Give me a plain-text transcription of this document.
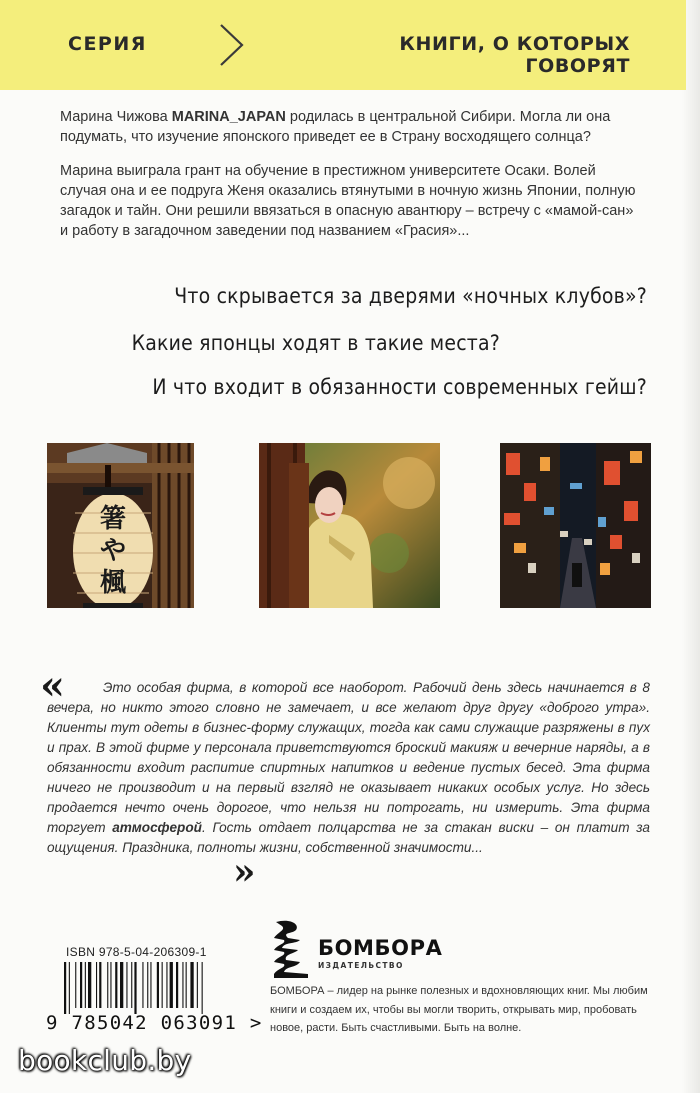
СЕРИЯ	КНИГИ, О КОТОРЫХ ГОВОРЯТ

Марина Чижова MARINA_JAPAN родилась в центральной Сибири. Могла ли она подумать, что изучение японского приведет ее в Страну восходящего солнца?

Марина выиграла грант на обучение в престижном университете Осаки. Волей случая она и ее подруга Женя оказались втянутыми в ночную жизнь Японии, полную загадок и тайн. Они решили ввязаться в опасную авантюру – встречу с «мамой-сан» и работу в загадочном заведении под названием «Грасия»...

Что скрывается за дверями «ночных клубов»?
Какие японцы ходят в такие места?
И что входит в обязанности современных гейш?
箸
や
楓
«	Это особая фирма, в которой все наоборот. Рабочий день здесь начинается в 8 вечера, но никто этого словно не замечает, и все желают друг другу «доброго утра». Клиенты тут одеты в бизнес-форму служащих, тогда как сами служащие разряжены в пух и прах. В этой фирме у персонала приветствуются броский макияж и вечерние наряды, а в обязанности входит распитие спиртных напитков и ведение пустых бесед. Эта фирма ничего не производит и на первый взгляд не оказывает никаких особых услуг. Но здесь продается нечто очень дорогое, что нельзя ни потрогать, ни измерить. Эта фирма торгует атмосферой. Гость отдает полцарства не за стакан виски – он платит за ощущения. Праздника, полноты жизни, собственной значимости...
»
ISBN 978-5-04-206309-1
9 785042 063091 >
БОМБОРА
ИЗДАТЕЛЬСТВО
БОМБОРА – лидер на рынке полезных и вдохновляющих книг. Мы любим книги и создаем их, чтобы вы могли творить, открывать мир, пробовать новое, расти. Быть счастливыми. Быть на волне.
bookclub.by
